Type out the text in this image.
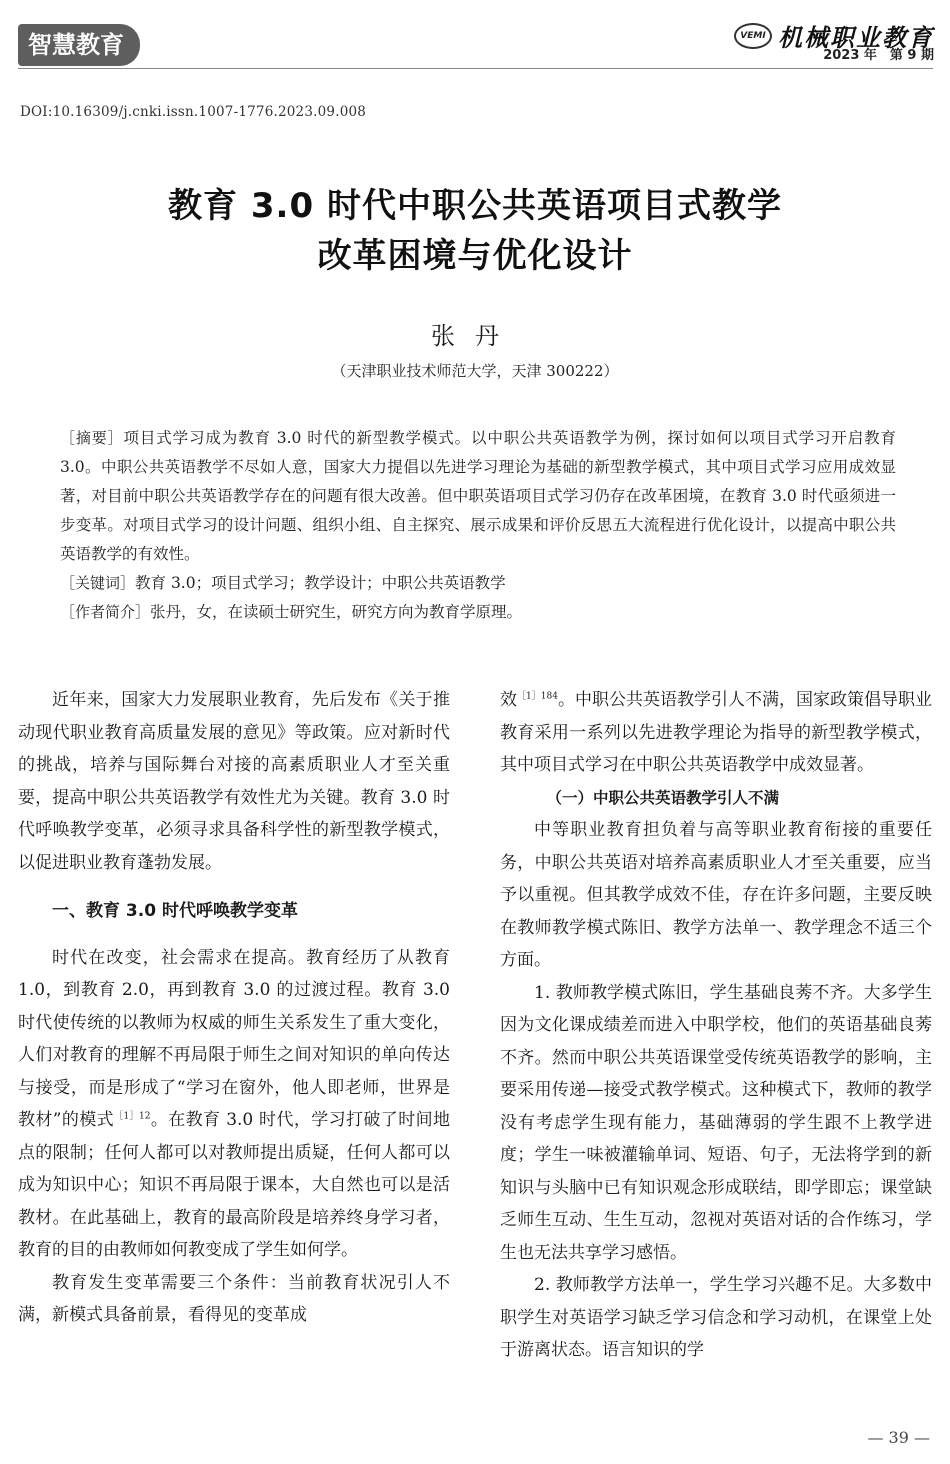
智慧教育	VEMI 机械职业教育
2023 年　第 9 期
DOI:10.16309/j.cnki.issn.1007-1776.2023.09.008
教育 3.0 时代中职公共英语项目式教学
改革困境与优化设计
张丹
（天津职业技术师范大学，天津 300222）

［摘要］项目式学习成为教育 3.0 时代的新型教学模式。以中职公共英语教学为例，探讨如何以项目式学习开启教育 3.0。中职公共英语教学不尽如人意，国家大力提倡以先进学习理论为基础的新型教学模式，其中项目式学习应用成效显著，对目前中职公共英语教学存在的问题有很大改善。但中职英语项目式学习仍存在改革困境，在教育 3.0 时代亟须进一步变革。对项目式学习的设计问题、组织小组、自主探究、展示成果和评价反思五大流程进行优化设计，以提高中职公共英语教学的有效性。

［关键词］教育 3.0；项目式学习；教学设计；中职公共英语教学

［作者简介］张丹，女，在读硕士研究生，研究方向为教育学原理。

近年来，国家大力发展职业教育，先后发布《关于推动现代职业教育高质量发展的意见》等政策。应对新时代的挑战，培养与国际舞台对接的高素质职业人才至关重要，提高中职公共英语教学有效性尤为关键。教育 3.0 时代呼唤教学变革，必须寻求具备科学性的新型教学模式，以促进职业教育蓬勃发展。

一、教育 3.0 时代呼唤教学变革

时代在改变，社会需求在提高。教育经历了从教育 1.0，到教育 2.0，再到教育 3.0 的过渡过程。教育 3.0 时代使传统的以教师为权威的师生关系发生了重大变化，人们对教育的理解不再局限于师生之间对知识的单向传达与接受，而是形成了“学习在窗外，他人即老师，世界是教材”的模式$^{[1]12}$。在教育 3.0 时代，学习打破了时间地点的限制；任何人都可以对教师提出质疑，任何人都可以成为知识中心；知识不再局限于课本，大自然也可以是活教材。在此基础上，教育的最高阶段是培养终身学习者，教育的目的由教师如何教变成了学生如何学。

教育发生变革需要三个条件：当前教育状况引人不满，新模式具备前景，看得见的变革成

效$^{[1]184}$。中职公共英语教学引人不满，国家政策倡导职业教育采用一系列以先进教学理论为指导的新型教学模式，其中项目式学习在中职公共英语教学中成效显著。

（一）中职公共英语教学引人不满

中等职业教育担负着与高等职业教育衔接的重要任务，中职公共英语对培养高素质职业人才至关重要，应当予以重视。但其教学成效不佳，存在许多问题，主要反映在教师教学模式陈旧、教学方法单一、教学理念不适三个方面。

1. 教师教学模式陈旧，学生基础良莠不齐。大多学生因为文化课成绩差而进入中职学校，他们的英语基础良莠不齐。然而中职公共英语课堂受传统英语教学的影响，主要采用传递—接受式教学模式。这种模式下，教师的教学没有考虑学生现有能力，基础薄弱的学生跟不上教学进度；学生一味被灌输单词、短语、句子，无法将学到的新知识与头脑中已有知识观念形成联结，即学即忘；课堂缺乏师生互动、生生互动，忽视对英语对话的合作练习，学生也无法共享学习感悟。

2. 教师教学方法单一，学生学习兴趣不足。大多数中职学生对英语学习缺乏学习信念和学习动机，在课堂上处于游离状态。语言知识的学

— 39 —
